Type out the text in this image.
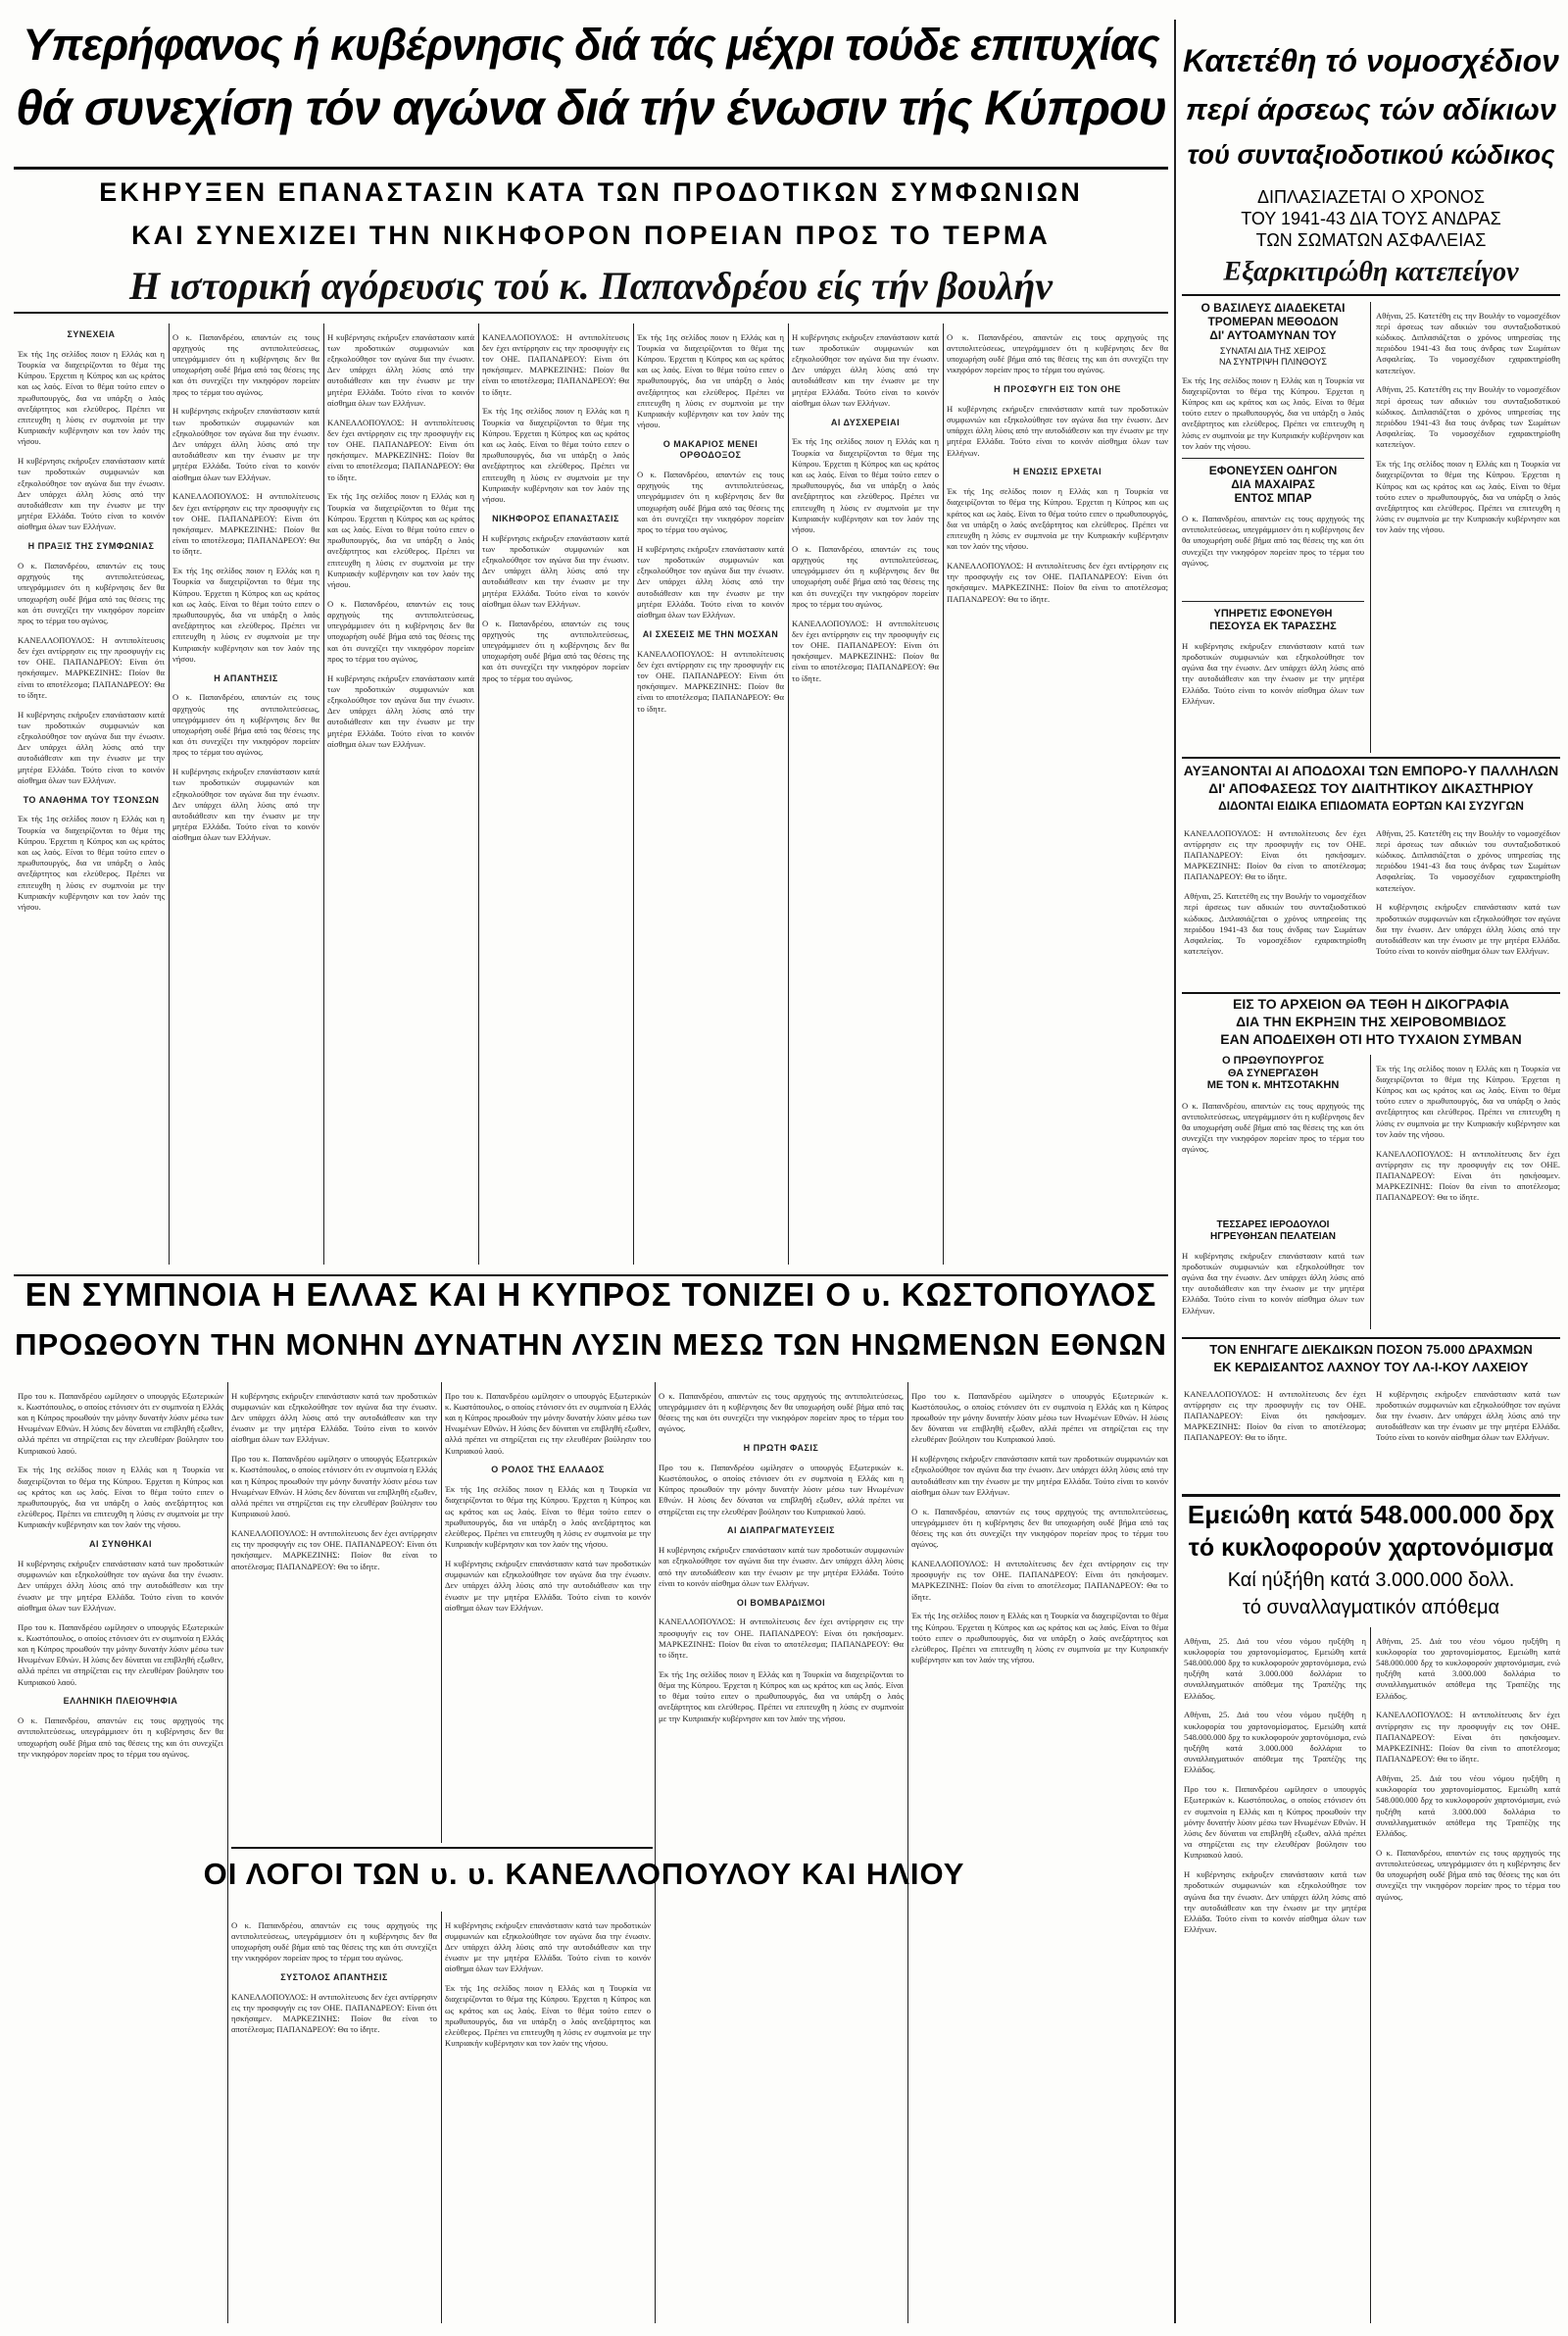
Υπερήφανος ή κυβέρνησις διά τάς μέχρι τούδε επιτυχίας
θά συνεχίση τόν αγώνα διά τήν ένωσιν τής Κύπρου
ΕΚΗΡΥΞΕΝ ΕΠΑΝΑΣΤΑΣΙΝ ΚΑΤΑ ΤΩΝ ΠΡΟΔΟΤΙΚΩΝ ΣΥΜΦΩΝΙΩΝ
ΚΑΙ ΣΥΝΕΧΙΖΕΙ ΤΗΝ ΝΙΚΗΦΟΡΟΝ ΠΟΡΕΙΑΝ ΠΡΟΣ ΤΟ ΤΕΡΜΑ
Η ιστορική αγόρευσις τού κ. Παπανδρέου είς τήν βουλήν
Κατετέθη τό νομοσχέδιον
περί άρσεως τών αδίκιων
τού συνταξιοδοτικού κώδικος
ΔΙΠΛΑΣΙΑΖΕΤΑΙ Ο ΧΡΟΝΟΣ
ΤΟΥ 1941-43 ΔΙΑ ΤΟΥΣ ΑΝΔΡΑΣ
ΤΩΝ ΣΩΜΑΤΩΝ ΑΣΦΑΛΕΙΑΣ
Εξαρκιτιρώθη κατεπείγον
ΣΥΝΕΧΕΙΑ

Έκ τής 1ης σελίδος ποιον η Ελλάς και η Τουρκία να διαχειρίζονται το θέμα της Κύπρου. Έρχεται η Κύπρος και ως κράτος και ως λαός. Είναι το θέμα τούτο ειπεν ο πρωθυπουργός, δια να υπάρξη ο λαός ανεξάρτητος και ελεύθερος. Πρέπει να επιτευχθη η λύσις εν συμπνοία με την Κυπριακήν κυβέρνησιν και τον λαόν της νήσου.

Η κυβέρνησις εκήρυξεν επανάστασιν κατά των προδοτικών συμφωνιών και εξηκολούθησε τον αγώνα δια την ένωσιν. Δεν υπάρχει άλλη λύσις από την αυτοδιάθεσιν και την ένωσιν με την μητέρα Ελλάδα. Τούτο είναι το κοινόν αίσθημα όλων των Ελλήνων.

Η ΠΡΑΞΙΣ ΤΗΣ ΣΥΜΦΩΝΙΑΣ

Ο κ. Παπανδρέου, απαντών εις τους αρχηγούς της αντιπολιτεύσεως, υπεγράμμισεν ότι η κυβέρνησις δεν θα υποχωρήση ουδέ βήμα από τας θέσεις της και ότι συνεχίζει την νικηφόρον πορείαν προς το τέρμα του αγώνος.

ΚΑΝΕΛΛΟΠΟΥΛΟΣ: Η αντιπολίτευσις δεν έχει αντίρρησιν εις την προσφυγήν εις τον ΟΗΕ. ΠΑΠΑΝΔΡΕΟΥ: Είναι ότι ησκήσαμεν. ΜΑΡΚΕΖΙΝΗΣ: Ποίον θα είναι το αποτέλεσμα; ΠΑΠΑΝΔΡΕΟΥ: Θα το ίδητε.

Η κυβέρνησις εκήρυξεν επανάστασιν κατά των προδοτικών συμφωνιών και εξηκολούθησε τον αγώνα δια την ένωσιν. Δεν υπάρχει άλλη λύσις από την αυτοδιάθεσιν και την ένωσιν με την μητέρα Ελλάδα. Τούτο είναι το κοινόν αίσθημα όλων των Ελλήνων.

ΤΟ ΑΝΑΘΗΜΑ ΤΟΥ ΤΣΟΝΣΩΝ

Έκ τής 1ης σελίδος ποιον η Ελλάς και η Τουρκία να διαχειρίζονται το θέμα της Κύπρου. Έρχεται η Κύπρος και ως κράτος και ως λαός. Είναι το θέμα τούτο ειπεν ο πρωθυπουργός, δια να υπάρξη ο λαός ανεξάρτητος και ελεύθερος. Πρέπει να επιτευχθη η λύσις εν συμπνοία με την Κυπριακήν κυβέρνησιν και τον λαόν της νήσου.

Ο κ. Παπανδρέου, απαντών εις τους αρχηγούς της αντιπολιτεύσεως, υπεγράμμισεν ότι η κυβέρνησις δεν θα υποχωρήση ουδέ βήμα από τας θέσεις της και ότι συνεχίζει την νικηφόρον πορείαν προς το τέρμα του αγώνος.

Η κυβέρνησις εκήρυξεν επανάστασιν κατά των προδοτικών συμφωνιών και εξηκολούθησε τον αγώνα δια την ένωσιν. Δεν υπάρχει άλλη λύσις από την αυτοδιάθεσιν και την ένωσιν με την μητέρα Ελλάδα. Τούτο είναι το κοινόν αίσθημα όλων των Ελλήνων.

ΚΑΝΕΛΛΟΠΟΥΛΟΣ: Η αντιπολίτευσις δεν έχει αντίρρησιν εις την προσφυγήν εις τον ΟΗΕ. ΠΑΠΑΝΔΡΕΟΥ: Είναι ότι ησκήσαμεν. ΜΑΡΚΕΖΙΝΗΣ: Ποίον θα είναι το αποτέλεσμα; ΠΑΠΑΝΔΡΕΟΥ: Θα το ίδητε.

Έκ τής 1ης σελίδος ποιον η Ελλάς και η Τουρκία να διαχειρίζονται το θέμα της Κύπρου. Έρχεται η Κύπρος και ως κράτος και ως λαός. Είναι το θέμα τούτο ειπεν ο πρωθυπουργός, δια να υπάρξη ο λαός ανεξάρτητος και ελεύθερος. Πρέπει να επιτευχθη η λύσις εν συμπνοία με την Κυπριακήν κυβέρνησιν και τον λαόν της νήσου.

Η ΑΠΑΝΤΗΣΙΣ

Ο κ. Παπανδρέου, απαντών εις τους αρχηγούς της αντιπολιτεύσεως, υπεγράμμισεν ότι η κυβέρνησις δεν θα υποχωρήση ουδέ βήμα από τας θέσεις της και ότι συνεχίζει την νικηφόρον πορείαν προς το τέρμα του αγώνος.

Η κυβέρνησις εκήρυξεν επανάστασιν κατά των προδοτικών συμφωνιών και εξηκολούθησε τον αγώνα δια την ένωσιν. Δεν υπάρχει άλλη λύσις από την αυτοδιάθεσιν και την ένωσιν με την μητέρα Ελλάδα. Τούτο είναι το κοινόν αίσθημα όλων των Ελλήνων.

Η κυβέρνησις εκήρυξεν επανάστασιν κατά των προδοτικών συμφωνιών και εξηκολούθησε τον αγώνα δια την ένωσιν. Δεν υπάρχει άλλη λύσις από την αυτοδιάθεσιν και την ένωσιν με την μητέρα Ελλάδα. Τούτο είναι το κοινόν αίσθημα όλων των Ελλήνων.

ΚΑΝΕΛΛΟΠΟΥΛΟΣ: Η αντιπολίτευσις δεν έχει αντίρρησιν εις την προσφυγήν εις τον ΟΗΕ. ΠΑΠΑΝΔΡΕΟΥ: Είναι ότι ησκήσαμεν. ΜΑΡΚΕΖΙΝΗΣ: Ποίον θα είναι το αποτέλεσμα; ΠΑΠΑΝΔΡΕΟΥ: Θα το ίδητε.

Έκ τής 1ης σελίδος ποιον η Ελλάς και η Τουρκία να διαχειρίζονται το θέμα της Κύπρου. Έρχεται η Κύπρος και ως κράτος και ως λαός. Είναι το θέμα τούτο ειπεν ο πρωθυπουργός, δια να υπάρξη ο λαός ανεξάρτητος και ελεύθερος. Πρέπει να επιτευχθη η λύσις εν συμπνοία με την Κυπριακήν κυβέρνησιν και τον λαόν της νήσου.

Ο κ. Παπανδρέου, απαντών εις τους αρχηγούς της αντιπολιτεύσεως, υπεγράμμισεν ότι η κυβέρνησις δεν θα υποχωρήση ουδέ βήμα από τας θέσεις της και ότι συνεχίζει την νικηφόρον πορείαν προς το τέρμα του αγώνος.

Η κυβέρνησις εκήρυξεν επανάστασιν κατά των προδοτικών συμφωνιών και εξηκολούθησε τον αγώνα δια την ένωσιν. Δεν υπάρχει άλλη λύσις από την αυτοδιάθεσιν και την ένωσιν με την μητέρα Ελλάδα. Τούτο είναι το κοινόν αίσθημα όλων των Ελλήνων.

ΚΑΝΕΛΛΟΠΟΥΛΟΣ: Η αντιπολίτευσις δεν έχει αντίρρησιν εις την προσφυγήν εις τον ΟΗΕ. ΠΑΠΑΝΔΡΕΟΥ: Είναι ότι ησκήσαμεν. ΜΑΡΚΕΖΙΝΗΣ: Ποίον θα είναι το αποτέλεσμα; ΠΑΠΑΝΔΡΕΟΥ: Θα το ίδητε.

Έκ τής 1ης σελίδος ποιον η Ελλάς και η Τουρκία να διαχειρίζονται το θέμα της Κύπρου. Έρχεται η Κύπρος και ως κράτος και ως λαός. Είναι το θέμα τούτο ειπεν ο πρωθυπουργός, δια να υπάρξη ο λαός ανεξάρτητος και ελεύθερος. Πρέπει να επιτευχθη η λύσις εν συμπνοία με την Κυπριακήν κυβέρνησιν και τον λαόν της νήσου.

ΝΙΚΗΦΟΡΟΣ ΕΠΑΝΑΣΤΑΣΙΣ

Η κυβέρνησις εκήρυξεν επανάστασιν κατά των προδοτικών συμφωνιών και εξηκολούθησε τον αγώνα δια την ένωσιν. Δεν υπάρχει άλλη λύσις από την αυτοδιάθεσιν και την ένωσιν με την μητέρα Ελλάδα. Τούτο είναι το κοινόν αίσθημα όλων των Ελλήνων.

Ο κ. Παπανδρέου, απαντών εις τους αρχηγούς της αντιπολιτεύσεως, υπεγράμμισεν ότι η κυβέρνησις δεν θα υποχωρήση ουδέ βήμα από τας θέσεις της και ότι συνεχίζει την νικηφόρον πορείαν προς το τέρμα του αγώνος.

Έκ τής 1ης σελίδος ποιον η Ελλάς και η Τουρκία να διαχειρίζονται το θέμα της Κύπρου. Έρχεται η Κύπρος και ως κράτος και ως λαός. Είναι το θέμα τούτο ειπεν ο πρωθυπουργός, δια να υπάρξη ο λαός ανεξάρτητος και ελεύθερος. Πρέπει να επιτευχθη η λύσις εν συμπνοία με την Κυπριακήν κυβέρνησιν και τον λαόν της νήσου.

Ο ΜΑΚΑΡΙΟΣ ΜΕΝΕΙ ΟΡΘΟΔΟΞΟΣ

Ο κ. Παπανδρέου, απαντών εις τους αρχηγούς της αντιπολιτεύσεως, υπεγράμμισεν ότι η κυβέρνησις δεν θα υποχωρήση ουδέ βήμα από τας θέσεις της και ότι συνεχίζει την νικηφόρον πορείαν προς το τέρμα του αγώνος.

Η κυβέρνησις εκήρυξεν επανάστασιν κατά των προδοτικών συμφωνιών και εξηκολούθησε τον αγώνα δια την ένωσιν. Δεν υπάρχει άλλη λύσις από την αυτοδιάθεσιν και την ένωσιν με την μητέρα Ελλάδα. Τούτο είναι το κοινόν αίσθημα όλων των Ελλήνων.

ΑΙ ΣΧΕΣΕΙΣ ΜΕ ΤΗΝ ΜΟΣΧΑΝ

ΚΑΝΕΛΛΟΠΟΥΛΟΣ: Η αντιπολίτευσις δεν έχει αντίρρησιν εις την προσφυγήν εις τον ΟΗΕ. ΠΑΠΑΝΔΡΕΟΥ: Είναι ότι ησκήσαμεν. ΜΑΡΚΕΖΙΝΗΣ: Ποίον θα είναι το αποτέλεσμα; ΠΑΠΑΝΔΡΕΟΥ: Θα το ίδητε.

Η κυβέρνησις εκήρυξεν επανάστασιν κατά των προδοτικών συμφωνιών και εξηκολούθησε τον αγώνα δια την ένωσιν. Δεν υπάρχει άλλη λύσις από την αυτοδιάθεσιν και την ένωσιν με την μητέρα Ελλάδα. Τούτο είναι το κοινόν αίσθημα όλων των Ελλήνων.

ΑΙ ΔΥΣΧΕΡΕΙΑΙ

Έκ τής 1ης σελίδος ποιον η Ελλάς και η Τουρκία να διαχειρίζονται το θέμα της Κύπρου. Έρχεται η Κύπρος και ως κράτος και ως λαός. Είναι το θέμα τούτο ειπεν ο πρωθυπουργός, δια να υπάρξη ο λαός ανεξάρτητος και ελεύθερος. Πρέπει να επιτευχθη η λύσις εν συμπνοία με την Κυπριακήν κυβέρνησιν και τον λαόν της νήσου.

Ο κ. Παπανδρέου, απαντών εις τους αρχηγούς της αντιπολιτεύσεως, υπεγράμμισεν ότι η κυβέρνησις δεν θα υποχωρήση ουδέ βήμα από τας θέσεις της και ότι συνεχίζει την νικηφόρον πορείαν προς το τέρμα του αγώνος.

ΚΑΝΕΛΛΟΠΟΥΛΟΣ: Η αντιπολίτευσις δεν έχει αντίρρησιν εις την προσφυγήν εις τον ΟΗΕ. ΠΑΠΑΝΔΡΕΟΥ: Είναι ότι ησκήσαμεν. ΜΑΡΚΕΖΙΝΗΣ: Ποίον θα είναι το αποτέλεσμα; ΠΑΠΑΝΔΡΕΟΥ: Θα το ίδητε.

Ο κ. Παπανδρέου, απαντών εις τους αρχηγούς της αντιπολιτεύσεως, υπεγράμμισεν ότι η κυβέρνησις δεν θα υποχωρήση ουδέ βήμα από τας θέσεις της και ότι συνεχίζει την νικηφόρον πορείαν προς το τέρμα του αγώνος.

Η ΠΡΟΣΦΥΓΗ ΕΙΣ ΤΟΝ ΟΗΕ

Η κυβέρνησις εκήρυξεν επανάστασιν κατά των προδοτικών συμφωνιών και εξηκολούθησε τον αγώνα δια την ένωσιν. Δεν υπάρχει άλλη λύσις από την αυτοδιάθεσιν και την ένωσιν με την μητέρα Ελλάδα. Τούτο είναι το κοινόν αίσθημα όλων των Ελλήνων.

Η ΕΝΩΣΙΣ ΕΡΧΕΤΑΙ

Έκ τής 1ης σελίδος ποιον η Ελλάς και η Τουρκία να διαχειρίζονται το θέμα της Κύπρου. Έρχεται η Κύπρος και ως κράτος και ως λαός. Είναι το θέμα τούτο ειπεν ο πρωθυπουργός, δια να υπάρξη ο λαός ανεξάρτητος και ελεύθερος. Πρέπει να επιτευχθη η λύσις εν συμπνοία με την Κυπριακήν κυβέρνησιν και τον λαόν της νήσου.

ΚΑΝΕΛΛΟΠΟΥΛΟΣ: Η αντιπολίτευσις δεν έχει αντίρρησιν εις την προσφυγήν εις τον ΟΗΕ. ΠΑΠΑΝΔΡΕΟΥ: Είναι ότι ησκήσαμεν. ΜΑΡΚΕΖΙΝΗΣ: Ποίον θα είναι το αποτέλεσμα; ΠΑΠΑΝΔΡΕΟΥ: Θα το ίδητε.

ΕΝ ΣΥΜΠΝΟΙΑ Η ΕΛΛΑΣ ΚΑΙ Η ΚΥΠΡΟΣ ΤΟΝΙΖΕΙ Ο υ. ΚΩΣΤΟΠΟΥΛΟΣ
ΠΡΟΩΘΟΥΝ ΤΗΝ ΜΟΝΗΝ ΔΥΝΑΤΗΝ ΛΥΣΙΝ ΜΕΣΩ ΤΩΝ ΗΝΩΜΕΝΩΝ ΕΘΝΩΝ

Προ του κ. Παπανδρέου ωμίλησεν ο υπουργός Εξωτερικών κ. Κωστόπουλος, ο οποίος ετόνισεν ότι εν συμπνοία η Ελλάς και η Κύπρος προωθούν την μόνην δυνατήν λύσιν μέσω των Ηνωμένων Εθνών. Η λύσις δεν δύναται να επιβληθή εξωθεν, αλλά πρέπει να στηρίζεται εις την ελευθέραν βούλησιν του Κυπριακού λαού.

Έκ τής 1ης σελίδος ποιον η Ελλάς και η Τουρκία να διαχειρίζονται το θέμα της Κύπρου. Έρχεται η Κύπρος και ως κράτος και ως λαός. Είναι το θέμα τούτο ειπεν ο πρωθυπουργός, δια να υπάρξη ο λαός ανεξάρτητος και ελεύθερος. Πρέπει να επιτευχθη η λύσις εν συμπνοία με την Κυπριακήν κυβέρνησιν και τον λαόν της νήσου.

ΑΙ ΣΥΝΘΗΚΑΙ

Η κυβέρνησις εκήρυξεν επανάστασιν κατά των προδοτικών συμφωνιών και εξηκολούθησε τον αγώνα δια την ένωσιν. Δεν υπάρχει άλλη λύσις από την αυτοδιάθεσιν και την ένωσιν με την μητέρα Ελλάδα. Τούτο είναι το κοινόν αίσθημα όλων των Ελλήνων.

Προ του κ. Παπανδρέου ωμίλησεν ο υπουργός Εξωτερικών κ. Κωστόπουλος, ο οποίος ετόνισεν ότι εν συμπνοία η Ελλάς και η Κύπρος προωθούν την μόνην δυνατήν λύσιν μέσω των Ηνωμένων Εθνών. Η λύσις δεν δύναται να επιβληθή εξωθεν, αλλά πρέπει να στηρίζεται εις την ελευθέραν βούλησιν του Κυπριακού λαού.

ΕΛΛΗΝΙΚΗ ΠΛΕΙΟΨΗΦΙΑ

Ο κ. Παπανδρέου, απαντών εις τους αρχηγούς της αντιπολιτεύσεως, υπεγράμμισεν ότι η κυβέρνησις δεν θα υποχωρήση ουδέ βήμα από τας θέσεις της και ότι συνεχίζει την νικηφόρον πορείαν προς το τέρμα του αγώνος.

Η κυβέρνησις εκήρυξεν επανάστασιν κατά των προδοτικών συμφωνιών και εξηκολούθησε τον αγώνα δια την ένωσιν. Δεν υπάρχει άλλη λύσις από την αυτοδιάθεσιν και την ένωσιν με την μητέρα Ελλάδα. Τούτο είναι το κοινόν αίσθημα όλων των Ελλήνων.

Προ του κ. Παπανδρέου ωμίλησεν ο υπουργός Εξωτερικών κ. Κωστόπουλος, ο οποίος ετόνισεν ότι εν συμπνοία η Ελλάς και η Κύπρος προωθούν την μόνην δυνατήν λύσιν μέσω των Ηνωμένων Εθνών. Η λύσις δεν δύναται να επιβληθή εξωθεν, αλλά πρέπει να στηρίζεται εις την ελευθέραν βούλησιν του Κυπριακού λαού.

ΚΑΝΕΛΛΟΠΟΥΛΟΣ: Η αντιπολίτευσις δεν έχει αντίρρησιν εις την προσφυγήν εις τον ΟΗΕ. ΠΑΠΑΝΔΡΕΟΥ: Είναι ότι ησκήσαμεν. ΜΑΡΚΕΖΙΝΗΣ: Ποίον θα είναι το αποτέλεσμα; ΠΑΠΑΝΔΡΕΟΥ: Θα το ίδητε.

Προ του κ. Παπανδρέου ωμίλησεν ο υπουργός Εξωτερικών κ. Κωστόπουλος, ο οποίος ετόνισεν ότι εν συμπνοία η Ελλάς και η Κύπρος προωθούν την μόνην δυνατήν λύσιν μέσω των Ηνωμένων Εθνών. Η λύσις δεν δύναται να επιβληθή εξωθεν, αλλά πρέπει να στηρίζεται εις την ελευθέραν βούλησιν του Κυπριακού λαού.

Ο ΡΟΛΟΣ ΤΗΣ ΕΛΛΑΔΟΣ

Έκ τής 1ης σελίδος ποιον η Ελλάς και η Τουρκία να διαχειρίζονται το θέμα της Κύπρου. Έρχεται η Κύπρος και ως κράτος και ως λαός. Είναι το θέμα τούτο ειπεν ο πρωθυπουργός, δια να υπάρξη ο λαός ανεξάρτητος και ελεύθερος. Πρέπει να επιτευχθη η λύσις εν συμπνοία με την Κυπριακήν κυβέρνησιν και τον λαόν της νήσου.

Η κυβέρνησις εκήρυξεν επανάστασιν κατά των προδοτικών συμφωνιών και εξηκολούθησε τον αγώνα δια την ένωσιν. Δεν υπάρχει άλλη λύσις από την αυτοδιάθεσιν και την ένωσιν με την μητέρα Ελλάδα. Τούτο είναι το κοινόν αίσθημα όλων των Ελλήνων.

Ο κ. Παπανδρέου, απαντών εις τους αρχηγούς της αντιπολιτεύσεως, υπεγράμμισεν ότι η κυβέρνησις δεν θα υποχωρήση ουδέ βήμα από τας θέσεις της και ότι συνεχίζει την νικηφόρον πορείαν προς το τέρμα του αγώνος.

Η ΠΡΩΤΗ ΦΑΣΙΣ

Προ του κ. Παπανδρέου ωμίλησεν ο υπουργός Εξωτερικών κ. Κωστόπουλος, ο οποίος ετόνισεν ότι εν συμπνοία η Ελλάς και η Κύπρος προωθούν την μόνην δυνατήν λύσιν μέσω των Ηνωμένων Εθνών. Η λύσις δεν δύναται να επιβληθή εξωθεν, αλλά πρέπει να στηρίζεται εις την ελευθέραν βούλησιν του Κυπριακού λαού.

ΑΙ ΔΙΑΠΡΑΓΜΑΤΕΥΣΕΙΣ

Η κυβέρνησις εκήρυξεν επανάστασιν κατά των προδοτικών συμφωνιών και εξηκολούθησε τον αγώνα δια την ένωσιν. Δεν υπάρχει άλλη λύσις από την αυτοδιάθεσιν και την ένωσιν με την μητέρα Ελλάδα. Τούτο είναι το κοινόν αίσθημα όλων των Ελλήνων.

ΟΙ ΒΟΜΒΑΡΔΙΣΜΟΙ

ΚΑΝΕΛΛΟΠΟΥΛΟΣ: Η αντιπολίτευσις δεν έχει αντίρρησιν εις την προσφυγήν εις τον ΟΗΕ. ΠΑΠΑΝΔΡΕΟΥ: Είναι ότι ησκήσαμεν. ΜΑΡΚΕΖΙΝΗΣ: Ποίον θα είναι το αποτέλεσμα; ΠΑΠΑΝΔΡΕΟΥ: Θα το ίδητε.

Έκ τής 1ης σελίδος ποιον η Ελλάς και η Τουρκία να διαχειρίζονται το θέμα της Κύπρου. Έρχεται η Κύπρος και ως κράτος και ως λαός. Είναι το θέμα τούτο ειπεν ο πρωθυπουργός, δια να υπάρξη ο λαός ανεξάρτητος και ελεύθερος. Πρέπει να επιτευχθη η λύσις εν συμπνοία με την Κυπριακήν κυβέρνησιν και τον λαόν της νήσου.

Προ του κ. Παπανδρέου ωμίλησεν ο υπουργός Εξωτερικών κ. Κωστόπουλος, ο οποίος ετόνισεν ότι εν συμπνοία η Ελλάς και η Κύπρος προωθούν την μόνην δυνατήν λύσιν μέσω των Ηνωμένων Εθνών. Η λύσις δεν δύναται να επιβληθή εξωθεν, αλλά πρέπει να στηρίζεται εις την ελευθέραν βούλησιν του Κυπριακού λαού.

Η κυβέρνησις εκήρυξεν επανάστασιν κατά των προδοτικών συμφωνιών και εξηκολούθησε τον αγώνα δια την ένωσιν. Δεν υπάρχει άλλη λύσις από την αυτοδιάθεσιν και την ένωσιν με την μητέρα Ελλάδα. Τούτο είναι το κοινόν αίσθημα όλων των Ελλήνων.

Ο κ. Παπανδρέου, απαντών εις τους αρχηγούς της αντιπολιτεύσεως, υπεγράμμισεν ότι η κυβέρνησις δεν θα υποχωρήση ουδέ βήμα από τας θέσεις της και ότι συνεχίζει την νικηφόρον πορείαν προς το τέρμα του αγώνος.

ΚΑΝΕΛΛΟΠΟΥΛΟΣ: Η αντιπολίτευσις δεν έχει αντίρρησιν εις την προσφυγήν εις τον ΟΗΕ. ΠΑΠΑΝΔΡΕΟΥ: Είναι ότι ησκήσαμεν. ΜΑΡΚΕΖΙΝΗΣ: Ποίον θα είναι το αποτέλεσμα; ΠΑΠΑΝΔΡΕΟΥ: Θα το ίδητε.

Έκ τής 1ης σελίδος ποιον η Ελλάς και η Τουρκία να διαχειρίζονται το θέμα της Κύπρου. Έρχεται η Κύπρος και ως κράτος και ως λαός. Είναι το θέμα τούτο ειπεν ο πρωθυπουργός, δια να υπάρξη ο λαός ανεξάρτητος και ελεύθερος. Πρέπει να επιτευχθη η λύσις εν συμπνοία με την Κυπριακήν κυβέρνησιν και τον λαόν της νήσου.

ΟΙ ΛΟΓΟΙ ΤΩΝ υ. υ. ΚΑΝΕΛΛΟΠΟΥΛΟΥ ΚΑΙ ΗΛΙΟΥ

Ο κ. Παπανδρέου, απαντών εις τους αρχηγούς της αντιπολιτεύσεως, υπεγράμμισεν ότι η κυβέρνησις δεν θα υποχωρήση ουδέ βήμα από τας θέσεις της και ότι συνεχίζει την νικηφόρον πορείαν προς το τέρμα του αγώνος.

ΣΥΣΤΟΛΟΣ ΑΠΑΝΤΗΣΙΣ

ΚΑΝΕΛΛΟΠΟΥΛΟΣ: Η αντιπολίτευσις δεν έχει αντίρρησιν εις την προσφυγήν εις τον ΟΗΕ. ΠΑΠΑΝΔΡΕΟΥ: Είναι ότι ησκήσαμεν. ΜΑΡΚΕΖΙΝΗΣ: Ποίον θα είναι το αποτέλεσμα; ΠΑΠΑΝΔΡΕΟΥ: Θα το ίδητε.

Η κυβέρνησις εκήρυξεν επανάστασιν κατά των προδοτικών συμφωνιών και εξηκολούθησε τον αγώνα δια την ένωσιν. Δεν υπάρχει άλλη λύσις από την αυτοδιάθεσιν και την ένωσιν με την μητέρα Ελλάδα. Τούτο είναι το κοινόν αίσθημα όλων των Ελλήνων.

Έκ τής 1ης σελίδος ποιον η Ελλάς και η Τουρκία να διαχειρίζονται το θέμα της Κύπρου. Έρχεται η Κύπρος και ως κράτος και ως λαός. Είναι το θέμα τούτο ειπεν ο πρωθυπουργός, δια να υπάρξη ο λαός ανεξάρτητος και ελεύθερος. Πρέπει να επιτευχθη η λύσις εν συμπνοία με την Κυπριακήν κυβέρνησιν και τον λαόν της νήσου.

Ο ΒΑΣΙΛΕΥΣ ΔΙΑΔΕΚΕΤΑΙ
ΤΡΟΜΕΡΑΝ ΜΕΘΟΔΟΝ
ΔΙ' ΑΥΤΟΑΜΥΝΑΝ ΤΟΥ
ΣΥΝΑΤΑΙ ΔΙΑ ΤΗΣ ΧΕΙΡΟΣ
ΝΑ ΣΥΝΤΡΙΨΗ ΠΛΙΝΘΟΥΣ

Έκ τής 1ης σελίδος ποιον η Ελλάς και η Τουρκία να διαχειρίζονται το θέμα της Κύπρου. Έρχεται η Κύπρος και ως κράτος και ως λαός. Είναι το θέμα τούτο ειπεν ο πρωθυπουργός, δια να υπάρξη ο λαός ανεξάρτητος και ελεύθερος. Πρέπει να επιτευχθη η λύσις εν συμπνοία με την Κυπριακήν κυβέρνησιν και τον λαόν της νήσου.

ΕΦΟΝΕΥΣΕΝ ΟΔΗΓΟΝ
ΔΙΑ ΜΑΧΑΙΡΑΣ
ΕΝΤΟΣ ΜΠΑΡ

Ο κ. Παπανδρέου, απαντών εις τους αρχηγούς της αντιπολιτεύσεως, υπεγράμμισεν ότι η κυβέρνησις δεν θα υποχωρήση ουδέ βήμα από τας θέσεις της και ότι συνεχίζει την νικηφόρον πορείαν προς το τέρμα του αγώνος.

ΥΠΗΡΕΤΙΣ ΕΦΟΝΕΥΘΗ
ΠΕΣΟΥΣΑ ΕΚ ΤΑΡΑΣΣΗΣ

Η κυβέρνησις εκήρυξεν επανάστασιν κατά των προδοτικών συμφωνιών και εξηκολούθησε τον αγώνα δια την ένωσιν. Δεν υπάρχει άλλη λύσις από την αυτοδιάθεσιν και την ένωσιν με την μητέρα Ελλάδα. Τούτο είναι το κοινόν αίσθημα όλων των Ελλήνων.

Αθήναι, 25. Κατετέθη εις την Βουλήν το νομοσχέδιον περί άρσεως των αδικιών του συνταξιοδοτικού κώδικος. Διπλασιάζεται ο χρόνος υπηρεσίας της περιόδου 1941-43 δια τους άνδρας των Σωμάτων Ασφαλείας. Το νομοσχέδιον εχαρακτηρίσθη κατεπείγον.

Αθήναι, 25. Κατετέθη εις την Βουλήν το νομοσχέδιον περί άρσεως των αδικιών του συνταξιοδοτικού κώδικος. Διπλασιάζεται ο χρόνος υπηρεσίας της περιόδου 1941-43 δια τους άνδρας των Σωμάτων Ασφαλείας. Το νομοσχέδιον εχαρακτηρίσθη κατεπείγον.

Έκ τής 1ης σελίδος ποιον η Ελλάς και η Τουρκία να διαχειρίζονται το θέμα της Κύπρου. Έρχεται η Κύπρος και ως κράτος και ως λαός. Είναι το θέμα τούτο ειπεν ο πρωθυπουργός, δια να υπάρξη ο λαός ανεξάρτητος και ελεύθερος. Πρέπει να επιτευχθη η λύσις εν συμπνοία με την Κυπριακήν κυβέρνησιν και τον λαόν της νήσου.

ΑΥΞΑΝΟΝΤΑΙ ΑΙ ΑΠΟΔΟΧΑΙ ΤΩΝ ΕΜΠΟΡΟ-Υ ΠΑΛΛΗΛΩΝ
ΔΙ' ΑΠΟΦΑΣΕΩΣ ΤΟΥ ΔΙΑΙΤΗΤΙΚΟΥ ΔΙΚΑΣΤΗΡΙΟΥ
ΔΙΔΟΝΤΑΙ ΕΙΔΙΚΑ ΕΠΙΔΟΜΑΤΑ ΕΟΡΤΩΝ ΚΑΙ ΣΥΖΥΓΩΝ

ΚΑΝΕΛΛΟΠΟΥΛΟΣ: Η αντιπολίτευσις δεν έχει αντίρρησιν εις την προσφυγήν εις τον ΟΗΕ. ΠΑΠΑΝΔΡΕΟΥ: Είναι ότι ησκήσαμεν. ΜΑΡΚΕΖΙΝΗΣ: Ποίον θα είναι το αποτέλεσμα; ΠΑΠΑΝΔΡΕΟΥ: Θα το ίδητε.

Αθήναι, 25. Κατετέθη εις την Βουλήν το νομοσχέδιον περί άρσεως των αδικιών του συνταξιοδοτικού κώδικος. Διπλασιάζεται ο χρόνος υπηρεσίας της περιόδου 1941-43 δια τους άνδρας των Σωμάτων Ασφαλείας. Το νομοσχέδιον εχαρακτηρίσθη κατεπείγον.

Αθήναι, 25. Κατετέθη εις την Βουλήν το νομοσχέδιον περί άρσεως των αδικιών του συνταξιοδοτικού κώδικος. Διπλασιάζεται ο χρόνος υπηρεσίας της περιόδου 1941-43 δια τους άνδρας των Σωμάτων Ασφαλείας. Το νομοσχέδιον εχαρακτηρίσθη κατεπείγον.

Η κυβέρνησις εκήρυξεν επανάστασιν κατά των προδοτικών συμφωνιών και εξηκολούθησε τον αγώνα δια την ένωσιν. Δεν υπάρχει άλλη λύσις από την αυτοδιάθεσιν και την ένωσιν με την μητέρα Ελλάδα. Τούτο είναι το κοινόν αίσθημα όλων των Ελλήνων.

ΕΙΣ ΤΟ ΑΡΧΕΙΟΝ ΘΑ ΤΕΘΗ Η ΔΙΚΟΓΡΑΦΙΑ
ΔΙΑ ΤΗΝ ΕΚΡΗΞΙΝ ΤΗΣ ΧΕΙΡΟΒΟΜΒΙΔΟΣ
ΕΑΝ ΑΠΟΔΕΙΧΘΗ ΟΤΙ ΗΤΟ ΤΥΧΑΙΟΝ ΣΥΜΒΑΝ
Ο ΠΡΩΘΥΠΟΥΡΓΟΣ
ΘΑ ΣΥΝΕΡΓΑΣΘΗ
ΜΕ ΤΟΝ κ. ΜΗΤΣΟΤΑΚΗΝ

Ο κ. Παπανδρέου, απαντών εις τους αρχηγούς της αντιπολιτεύσεως, υπεγράμμισεν ότι η κυβέρνησις δεν θα υποχωρήση ουδέ βήμα από τας θέσεις της και ότι συνεχίζει την νικηφόρον πορείαν προς το τέρμα του αγώνος.

ΤΕΣΣΑΡΕΣ ΙΕΡΟΔΟΥΛΟΙ
ΗΓΡΕΥΘΗΣΑΝ ΠΕΛΑΤΕΙΑΝ

Η κυβέρνησις εκήρυξεν επανάστασιν κατά των προδοτικών συμφωνιών και εξηκολούθησε τον αγώνα δια την ένωσιν. Δεν υπάρχει άλλη λύσις από την αυτοδιάθεσιν και την ένωσιν με την μητέρα Ελλάδα. Τούτο είναι το κοινόν αίσθημα όλων των Ελλήνων.

Έκ τής 1ης σελίδος ποιον η Ελλάς και η Τουρκία να διαχειρίζονται το θέμα της Κύπρου. Έρχεται η Κύπρος και ως κράτος και ως λαός. Είναι το θέμα τούτο ειπεν ο πρωθυπουργός, δια να υπάρξη ο λαός ανεξάρτητος και ελεύθερος. Πρέπει να επιτευχθη η λύσις εν συμπνοία με την Κυπριακήν κυβέρνησιν και τον λαόν της νήσου.

ΚΑΝΕΛΛΟΠΟΥΛΟΣ: Η αντιπολίτευσις δεν έχει αντίρρησιν εις την προσφυγήν εις τον ΟΗΕ. ΠΑΠΑΝΔΡΕΟΥ: Είναι ότι ησκήσαμεν. ΜΑΡΚΕΖΙΝΗΣ: Ποίον θα είναι το αποτέλεσμα; ΠΑΠΑΝΔΡΕΟΥ: Θα το ίδητε.

ΤΟΝ ΕΝΗΓΑΓΕ ΔΙΕΚΔΙΚΩΝ ΠΟΣΟΝ 75.000 ΔΡΑΧΜΩΝ
ΕΚ ΚΕΡΔΙΣΑΝΤΟΣ ΛΑΧΝΟΥ ΤΟΥ ΛΑ-Ι-ΚΟΥ ΛΑΧΕΙΟΥ

ΚΑΝΕΛΛΟΠΟΥΛΟΣ: Η αντιπολίτευσις δεν έχει αντίρρησιν εις την προσφυγήν εις τον ΟΗΕ. ΠΑΠΑΝΔΡΕΟΥ: Είναι ότι ησκήσαμεν. ΜΑΡΚΕΖΙΝΗΣ: Ποίον θα είναι το αποτέλεσμα; ΠΑΠΑΝΔΡΕΟΥ: Θα το ίδητε.

Η κυβέρνησις εκήρυξεν επανάστασιν κατά των προδοτικών συμφωνιών και εξηκολούθησε τον αγώνα δια την ένωσιν. Δεν υπάρχει άλλη λύσις από την αυτοδιάθεσιν και την ένωσιν με την μητέρα Ελλάδα. Τούτο είναι το κοινόν αίσθημα όλων των Ελλήνων.

Εμειώθη κατά 548.000.000 δρχ
τό κυκλοφορούν χαρτονόμισμα
Καί ηύξήθη κατά 3.000.000 δολλ.
τό συναλλαγματικόν απόθεμα

Αθήναι, 25. Διά του νέου νόμου ηυξήθη η κυκλοφορία του χαρτονομίσματος. Εμειώθη κατά 548.000.000 δρχ το κυκλοφορούν χαρτονόμισμα, ενώ ηυξήθη κατά 3.000.000 δολλάρια το συναλλαγματικόν απόθεμα της Τραπέζης της Ελλάδος.

Αθήναι, 25. Διά του νέου νόμου ηυξήθη η κυκλοφορία του χαρτονομίσματος. Εμειώθη κατά 548.000.000 δρχ το κυκλοφορούν χαρτονόμισμα, ενώ ηυξήθη κατά 3.000.000 δολλάρια το συναλλαγματικόν απόθεμα της Τραπέζης της Ελλάδος.

Προ του κ. Παπανδρέου ωμίλησεν ο υπουργός Εξωτερικών κ. Κωστόπουλος, ο οποίος ετόνισεν ότι εν συμπνοία η Ελλάς και η Κύπρος προωθούν την μόνην δυνατήν λύσιν μέσω των Ηνωμένων Εθνών. Η λύσις δεν δύναται να επιβληθή εξωθεν, αλλά πρέπει να στηρίζεται εις την ελευθέραν βούλησιν του Κυπριακού λαού.

Η κυβέρνησις εκήρυξεν επανάστασιν κατά των προδοτικών συμφωνιών και εξηκολούθησε τον αγώνα δια την ένωσιν. Δεν υπάρχει άλλη λύσις από την αυτοδιάθεσιν και την ένωσιν με την μητέρα Ελλάδα. Τούτο είναι το κοινόν αίσθημα όλων των Ελλήνων.

Αθήναι, 25. Διά του νέου νόμου ηυξήθη η κυκλοφορία του χαρτονομίσματος. Εμειώθη κατά 548.000.000 δρχ το κυκλοφορούν χαρτονόμισμα, ενώ ηυξήθη κατά 3.000.000 δολλάρια το συναλλαγματικόν απόθεμα της Τραπέζης της Ελλάδος.

ΚΑΝΕΛΛΟΠΟΥΛΟΣ: Η αντιπολίτευσις δεν έχει αντίρρησιν εις την προσφυγήν εις τον ΟΗΕ. ΠΑΠΑΝΔΡΕΟΥ: Είναι ότι ησκήσαμεν. ΜΑΡΚΕΖΙΝΗΣ: Ποίον θα είναι το αποτέλεσμα; ΠΑΠΑΝΔΡΕΟΥ: Θα το ίδητε.

Αθήναι, 25. Διά του νέου νόμου ηυξήθη η κυκλοφορία του χαρτονομίσματος. Εμειώθη κατά 548.000.000 δρχ το κυκλοφορούν χαρτονόμισμα, ενώ ηυξήθη κατά 3.000.000 δολλάρια το συναλλαγματικόν απόθεμα της Τραπέζης της Ελλάδος.

Ο κ. Παπανδρέου, απαντών εις τους αρχηγούς της αντιπολιτεύσεως, υπεγράμμισεν ότι η κυβέρνησις δεν θα υποχωρήση ουδέ βήμα από τας θέσεις της και ότι συνεχίζει την νικηφόρον πορείαν προς το τέρμα του αγώνος.
